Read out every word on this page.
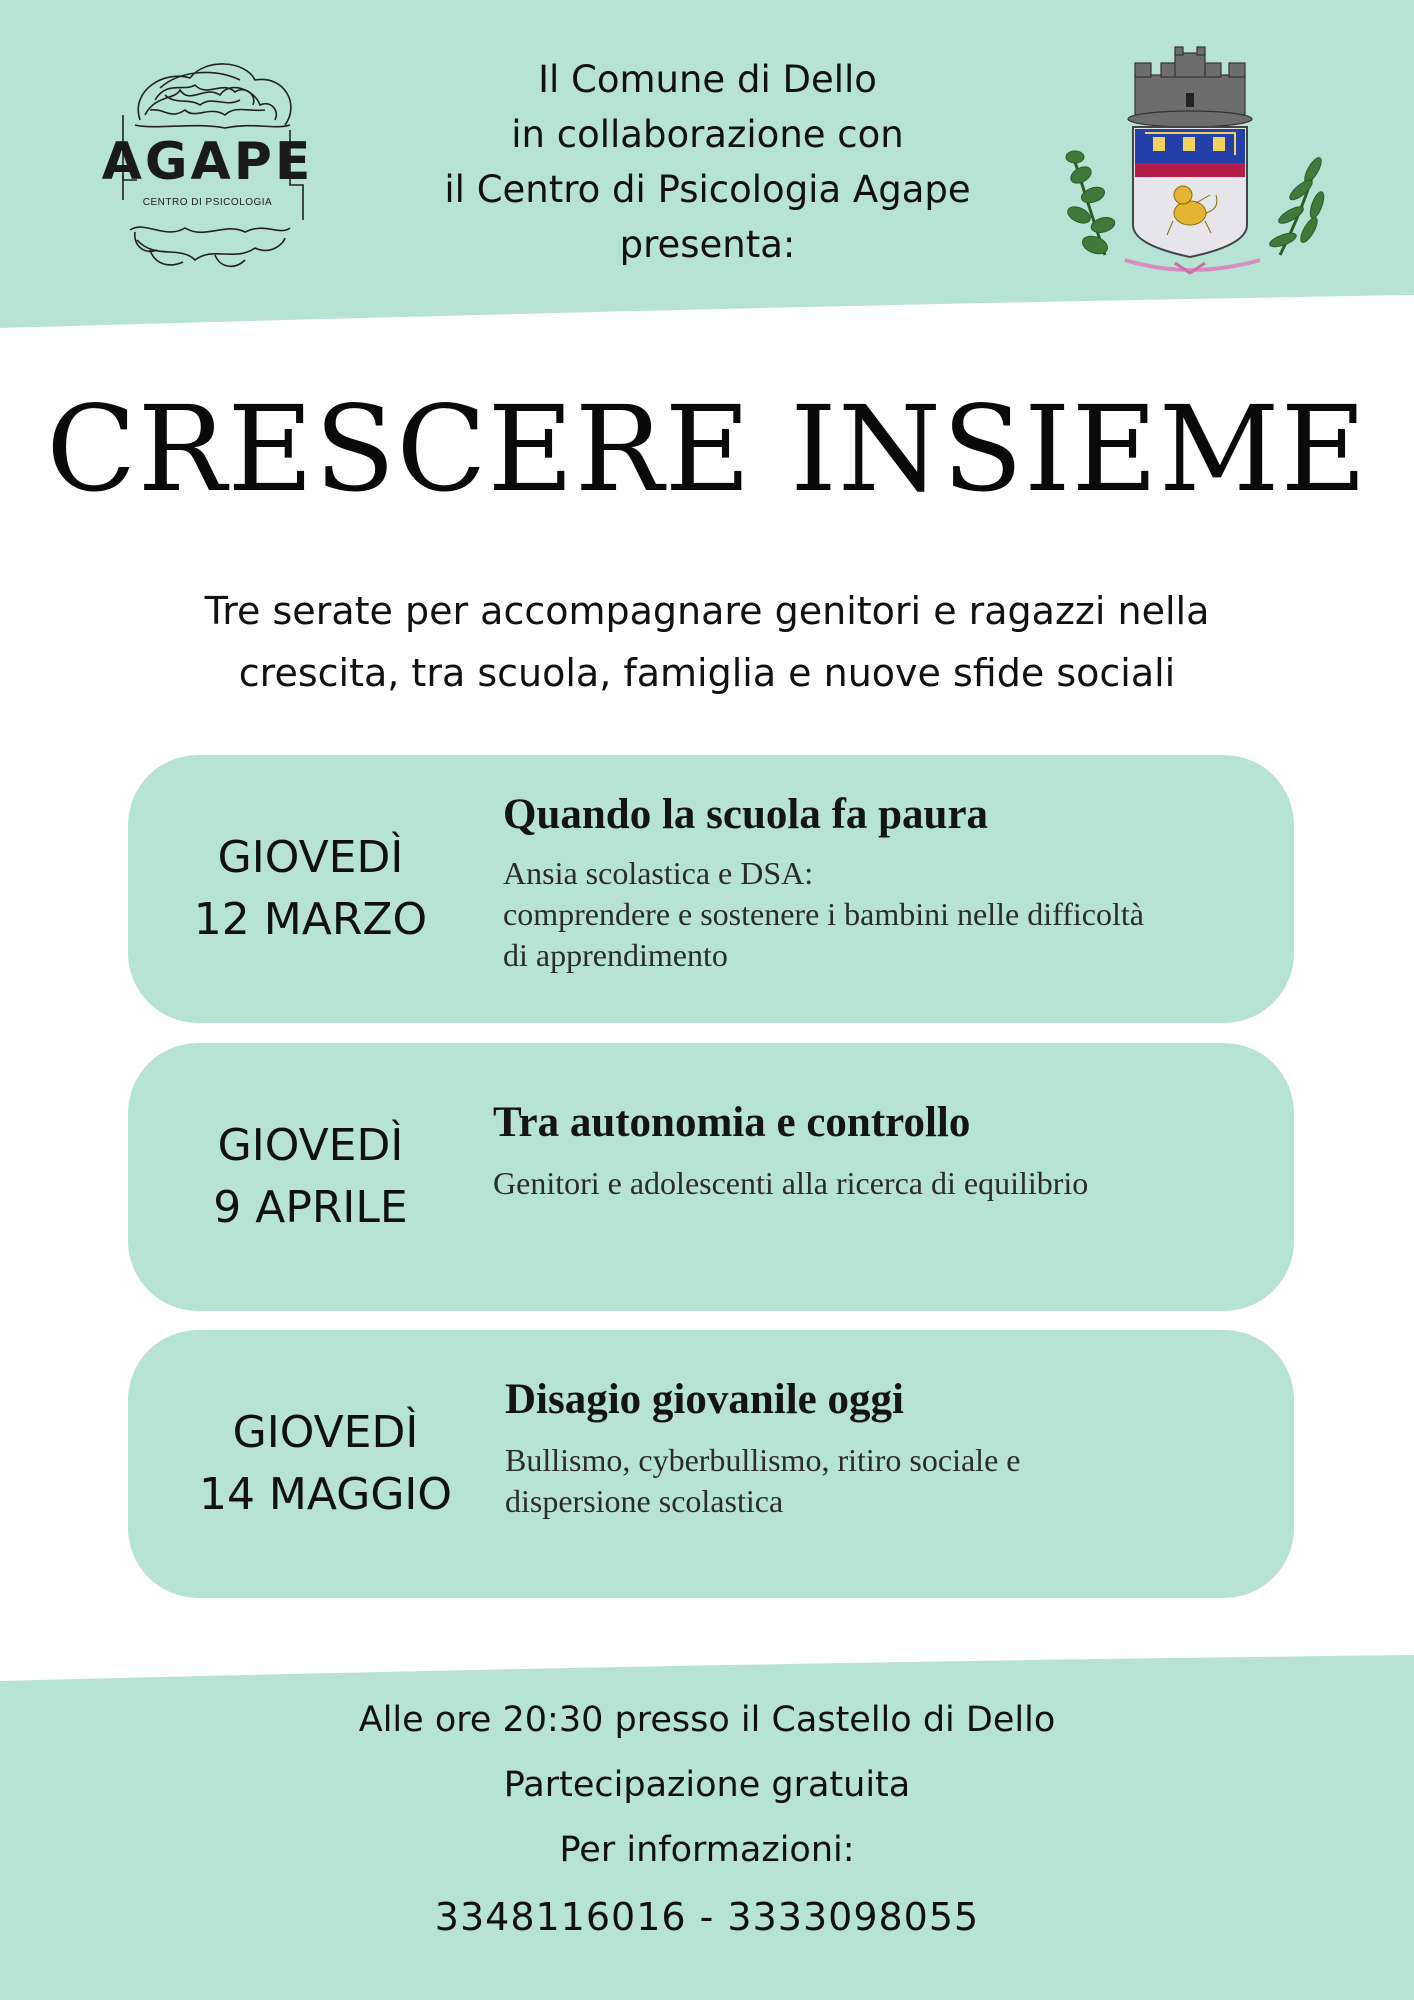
AGAPE
CENTRO DI PSICOLOGIA
Il Comune di Dello
in collaborazione con
il Centro di Psicologia Agape
presenta:
CRESCERE INSIEME
Tre serate per accompagnare genitori e ragazzi nella
crescita, tra scuola, famiglia e nuove sfide sociali
GIOVEDÌ
12 MARZO
Quando la scuola fa paura
Ansia scolastica e DSA:
comprendere e sostenere i bambini nelle difficoltà
di apprendimento
GIOVEDÌ
9 APRILE
Tra autonomia e controllo
Genitori e adolescenti alla ricerca di equilibrio
GIOVEDÌ
14 MAGGIO
Disagio giovanile oggi
Bullismo, cyberbullismo, ritiro sociale e
dispersione scolastica
Alle ore 20:30 presso il Castello di Dello
Partecipazione gratuita
Per informazioni:
3348116016 - 3333098055
